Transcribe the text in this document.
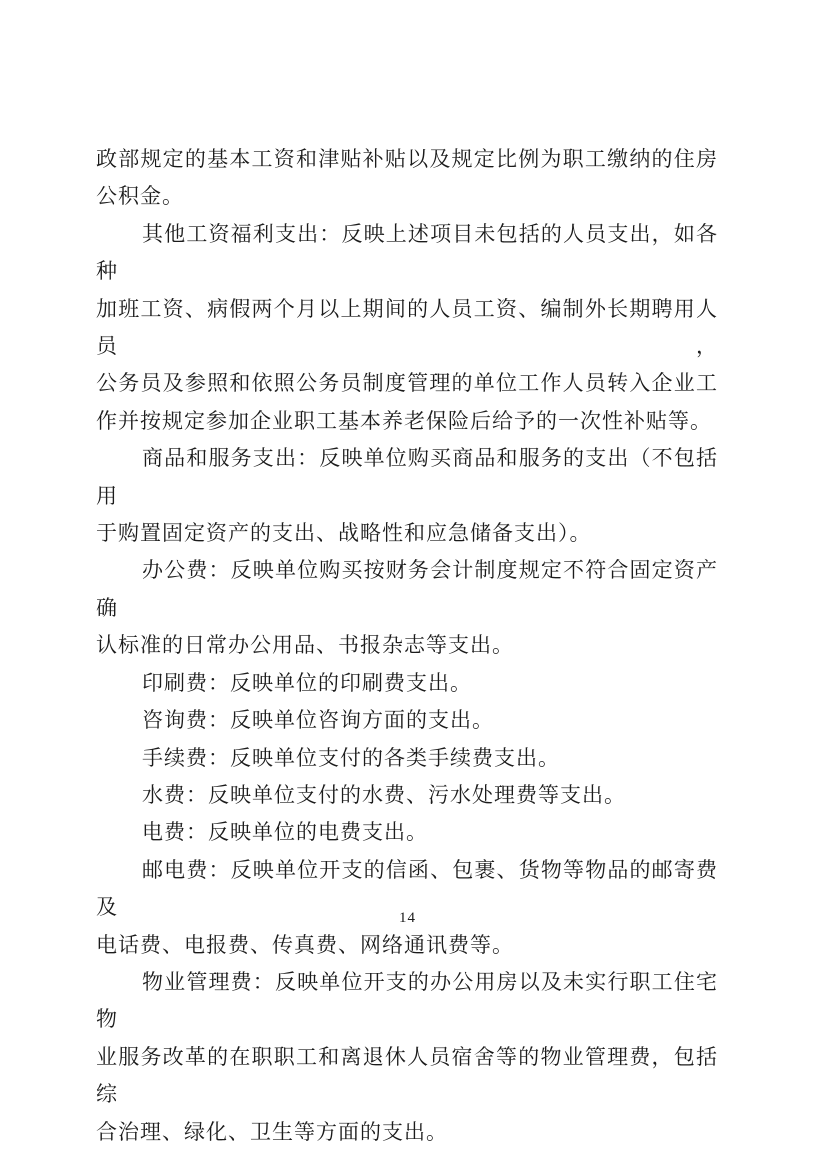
政部规定的基本工资和津贴补贴以及规定比例为职工缴纳的住房
公积金。
其他工资福利支出：反映上述项目未包括的人员支出，如各种
加班工资、病假两个月以上期间的人员工资、编制外长期聘用人员，
公务员及参照和依照公务员制度管理的单位工作人员转入企业工
作并按规定参加企业职工基本养老保险后给予的一次性补贴等。
商品和服务支出：反映单位购买商品和服务的支出（不包括用
于购置固定资产的支出、战略性和应急储备支出）。
办公费：反映单位购买按财务会计制度规定不符合固定资产确
认标准的日常办公用品、书报杂志等支出。
印刷费：反映单位的印刷费支出。
咨询费：反映单位咨询方面的支出。
手续费：反映单位支付的各类手续费支出。
水费：反映单位支付的水费、污水处理费等支出。
电费：反映单位的电费支出。
邮电费：反映单位开支的信函、包裹、货物等物品的邮寄费及
电话费、电报费、传真费、网络通讯费等。
物业管理费：反映单位开支的办公用房以及未实行职工住宅物
业服务改革的在职职工和离退休人员宿舍等的物业管理费，包括综
合治理、绿化、卫生等方面的支出。
14
